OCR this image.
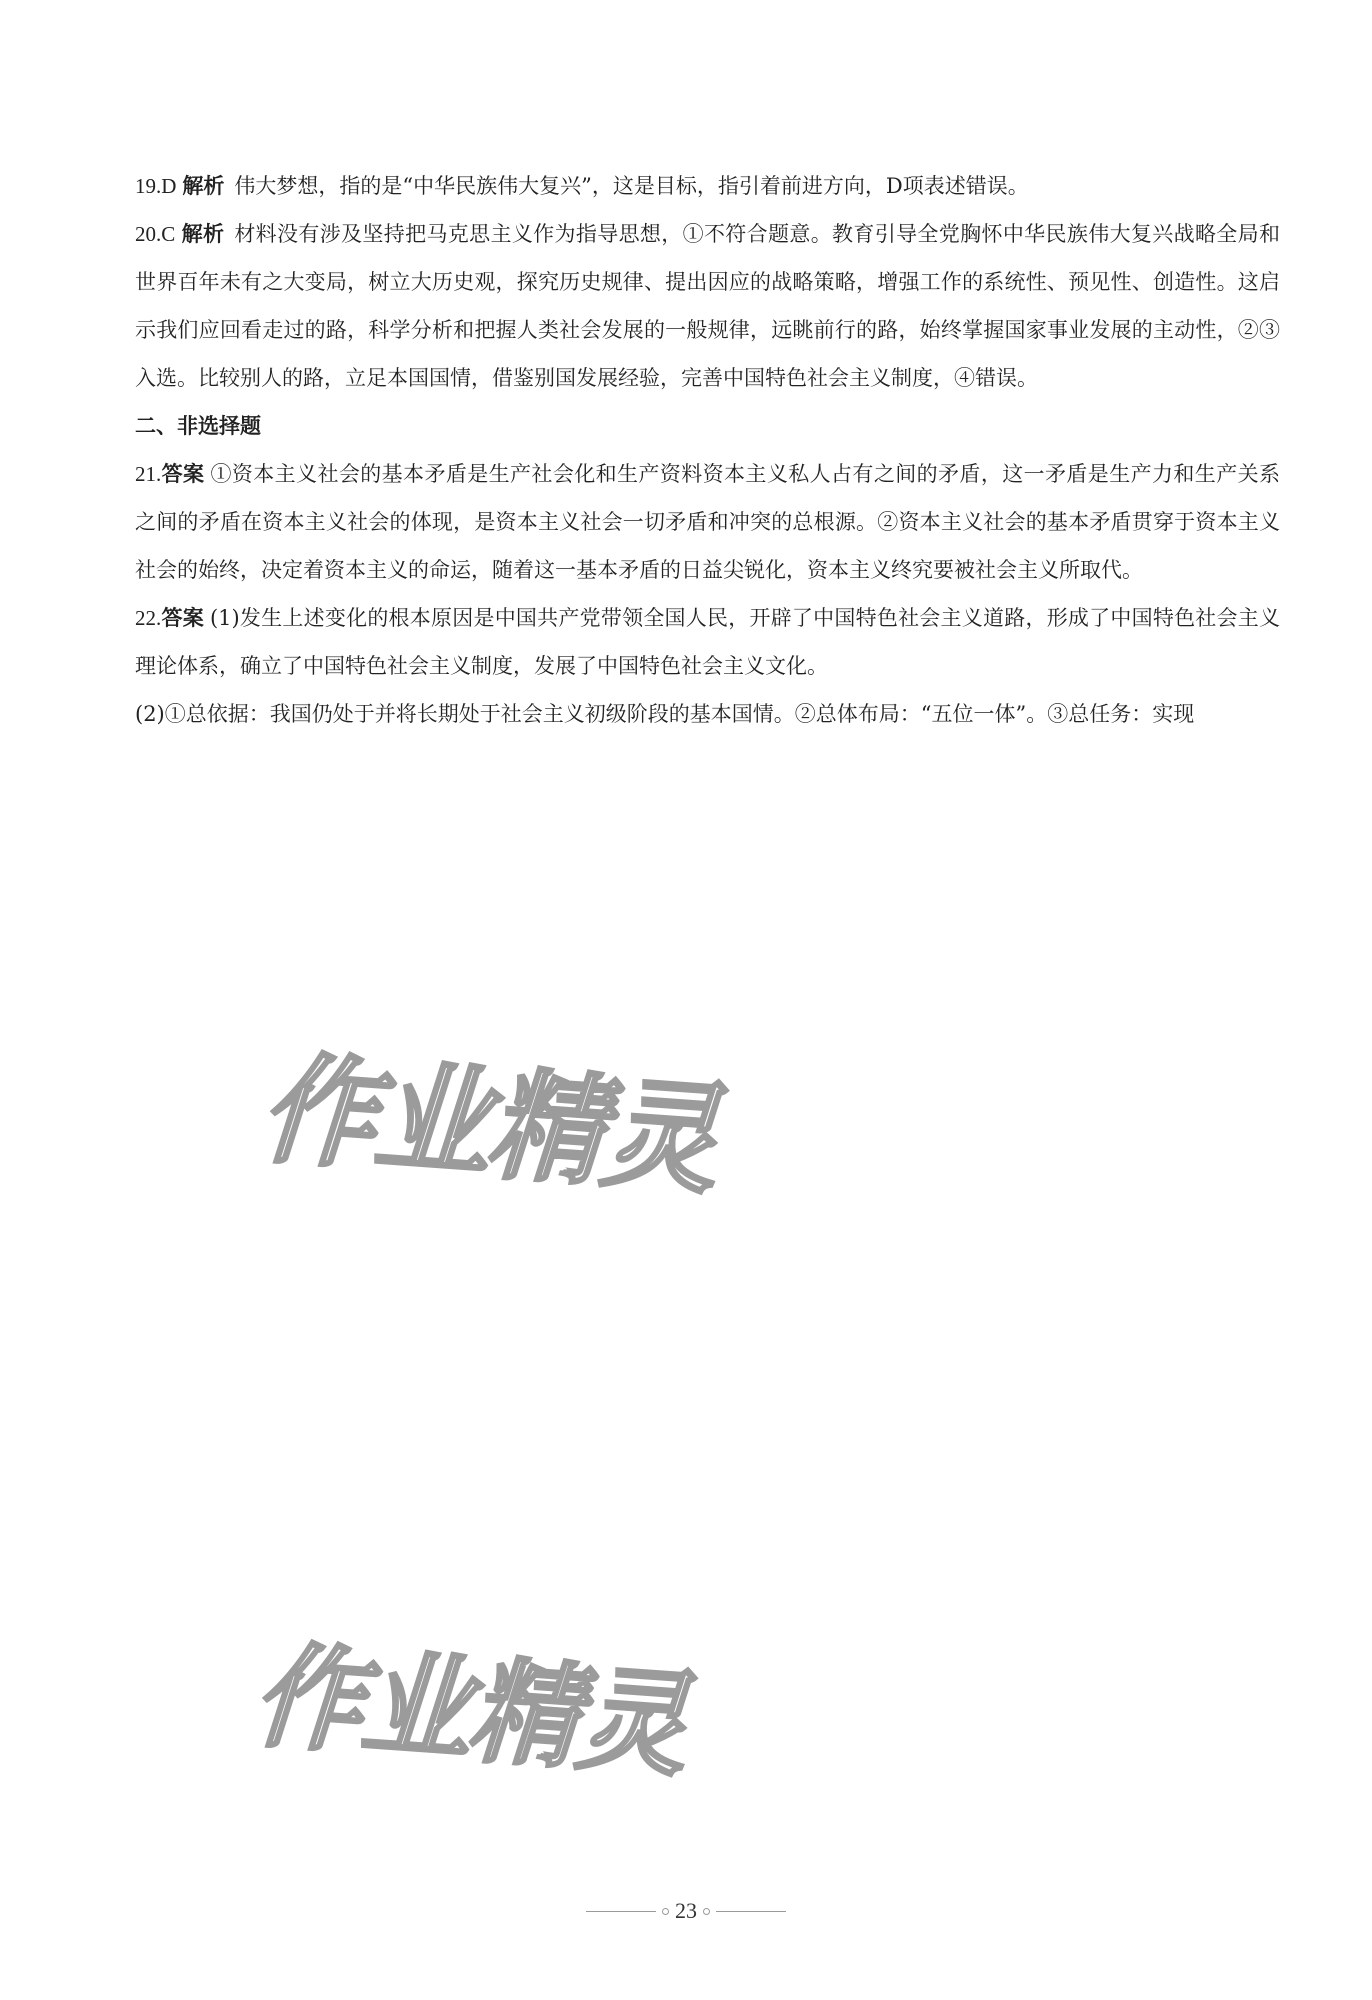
19.D 解析 伟大梦想，指的是“中华民族伟大复兴”，这是目标，指引着前进方向，D项表述错误。

20.C 解析 材料没有涉及坚持把马克思主义作为指导思想，①不符合题意。教育引导全党胸怀中华民族伟大复兴战略全局和世界百年未有之大变局，树立大历史观，探究历史规律、提出因应的战略策略，增强工作的系统性、预见性、创造性。这启示我们应回看走过的路，科学分析和把握人类社会发展的一般规律，远眺前行的路，始终掌握国家事业发展的主动性，②③入选。比较别人的路，立足本国国情，借鉴别国发展经验，完善中国特色社会主义制度，④错误。

二、非选择题

21.答案 ①资本主义社会的基本矛盾是生产社会化和生产资料资本主义私人占有之间的矛盾，这一矛盾是生产力和生产关系之间的矛盾在资本主义社会的体现，是资本主义社会一切矛盾和冲突的总根源。②资本主义社会的基本矛盾贯穿于资本主义社会的始终，决定着资本主义的命运，随着这一基本矛盾的日益尖锐化，资本主义终究要被社会主义所取代。

22.答案 (1)发生上述变化的根本原因是中国共产党带领全国人民，开辟了中国特色社会主义道路，形成了中国特色社会主义理论体系，确立了中国特色社会主义制度，发展了中国特色社会主义文化。

(2)①总依据：我国仍处于并将长期处于社会主义初级阶段的基本国情。②总体布局：“五位一体”。③总任务：实现

作业精灵
作业精灵
23
